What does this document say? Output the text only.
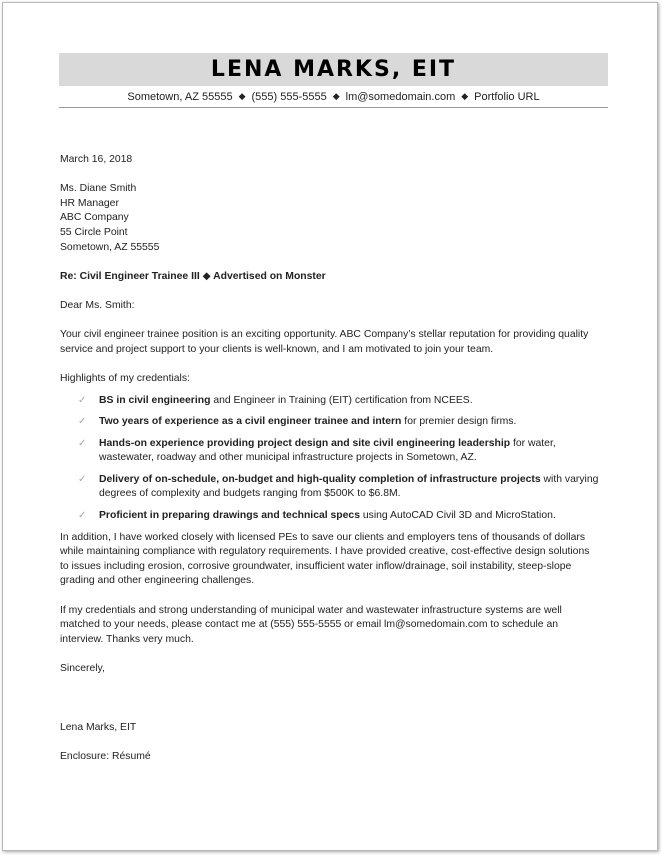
LENA MARKS, EIT
Sometown, AZ 55555 ◆ (555) 555-5555 ◆ lm@somedomain.com ◆ Portfolio URL

March 16, 2018

Ms. Diane Smith

HR Manager

ABC Company

55 Circle Point

Sometown, AZ 55555

Re: Civil Engineer Trainee III ◆ Advertised on Monster

Dear Ms. Smith:

Your civil engineer trainee position is an exciting opportunity. ABC Company’s stellar reputation for providing quality service and project support to your clients is well-known, and I am motivated to join your team.

Highlights of my credentials:

✓ BS in civil engineering and Engineer in Training (EIT) certification from NCEES.
✓ Two years of experience as a civil engineer trainee and intern for premier design firms.
✓ Hands-on experience providing project design and site civil engineering leadership for water, wastewater, roadway and other municipal infrastructure projects in Sometown, AZ.
✓ Delivery of on-schedule, on-budget and high-quality completion of infrastructure projects with varying degrees of complexity and budgets ranging from $500K to $6.8M.
✓ Proficient in preparing drawings and technical specs using AutoCAD Civil 3D and MicroStation.

In addition, I have worked closely with licensed PEs to save our clients and employers tens of thousands of dollars while maintaining compliance with regulatory requirements. I have provided creative, cost-effective design solutions to issues including erosion, corrosive groundwater, insufficient water inflow/drainage, soil instability, steep-slope grading and other engineering challenges.

If my credentials and strong understanding of municipal water and wastewater infrastructure systems are well matched to your needs, please contact me at (555) 555-5555 or email lm@somedomain.com to schedule an interview. Thanks very much.

Sincerely,

Lena Marks, EIT

Enclosure: Résumé
